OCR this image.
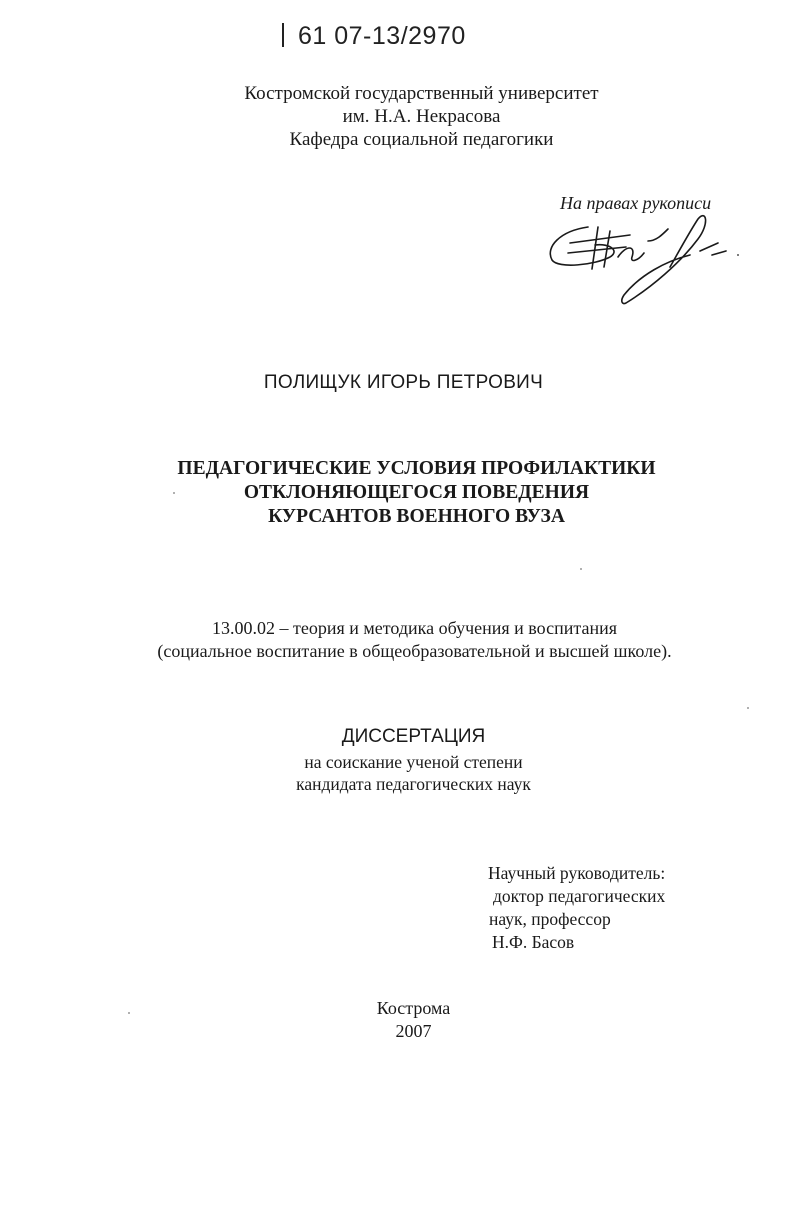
61 07-13/2970
Костромской государственный университет
им. Н.А. Некрасова
Кафедра социальной педагогики
На правах рукописи
ПОЛИЩУК ИГОРЬ ПЕТРОВИЧ
ПЕДАГОГИЧЕСКИЕ УСЛОВИЯ ПРОФИЛАКТИКИ
ОТКЛОНЯЮЩЕГОСЯ ПОВЕДЕНИЯ
КУРСАНТОВ ВОЕННОГО ВУЗА
13.00.02 – теория и методика обучения и воспитания
(социальное воспитание в общеобразовательной и высшей школе).
ДИССЕРТАЦИЯ
на соискание ученой степени
кандидата педагогических наук
Научный руководитель:
доктор педагогических
наук, профессор
Н.Ф. Басов
Кострома
2007
